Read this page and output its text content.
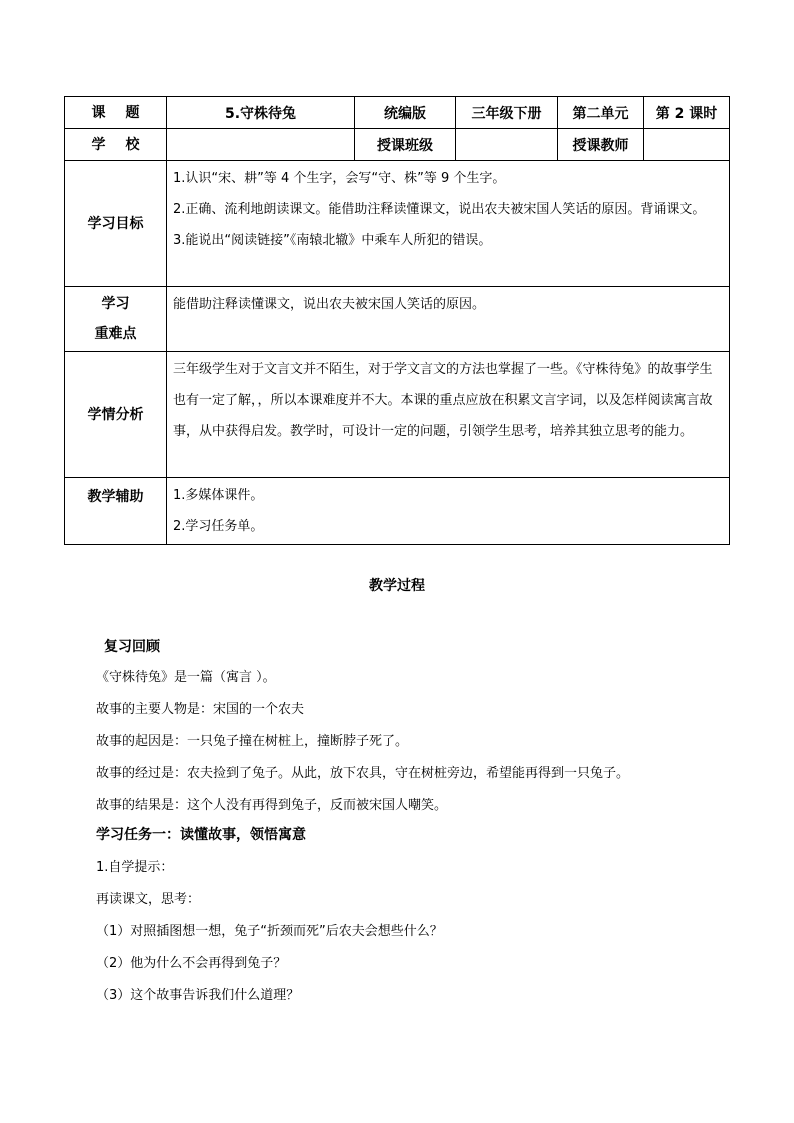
课 题	5.守株待兔	统编版	三年级下册	第二单元	第 2 课时
学 校		授课班级		授课教师	
学习目标	1.认识“宋、耕”等 4 个生字，会写“守、株”等 9 个生字。

2.正确、流利地朗读课文。能借助注释读懂课文，说出农夫被宋国人笑话的原因。背诵课文。

3.能说出“阅读链接”《南辕北辙》中乘车人所犯的错误。				

学习
重难点	能借助注释读懂课文，说出农夫被宋国人笑话的原因。				

学情分析	三年级学生对于文言文并不陌生，对于学文言文的方法也掌握了一些。《守株待兔》的故事学生也有一定了解，，所以本课难度并不大。本课的重点应放在积累文言字词，以及怎样阅读寓言故事，从中获得启发。教学时，可设计一定的问题，引领学生思考，培养其独立思考的能力。				

教学辅助	1.多媒体课件。

2.学习任务单。				

教学过程
复习回顾
《守株待兔》是一篇（寓言 ）。
故事的主要人物是：宋国的一个农夫
故事的起因是：一只兔子撞在树桩上，撞断脖子死了。
故事的经过是：农夫捡到了兔子。从此，放下农具，守在树桩旁边，希望能再得到一只兔子。
故事的结果是：这个人没有再得到兔子，反而被宋国人嘲笑。
学习任务一：读懂故事，领悟寓意
1.自学提示：
再读课文，思考：
（1）对照插图想一想，兔子“折颈而死”后农夫会想些什么？
（2）他为什么不会再得到兔子？
（3）这个故事告诉我们什么道理？
